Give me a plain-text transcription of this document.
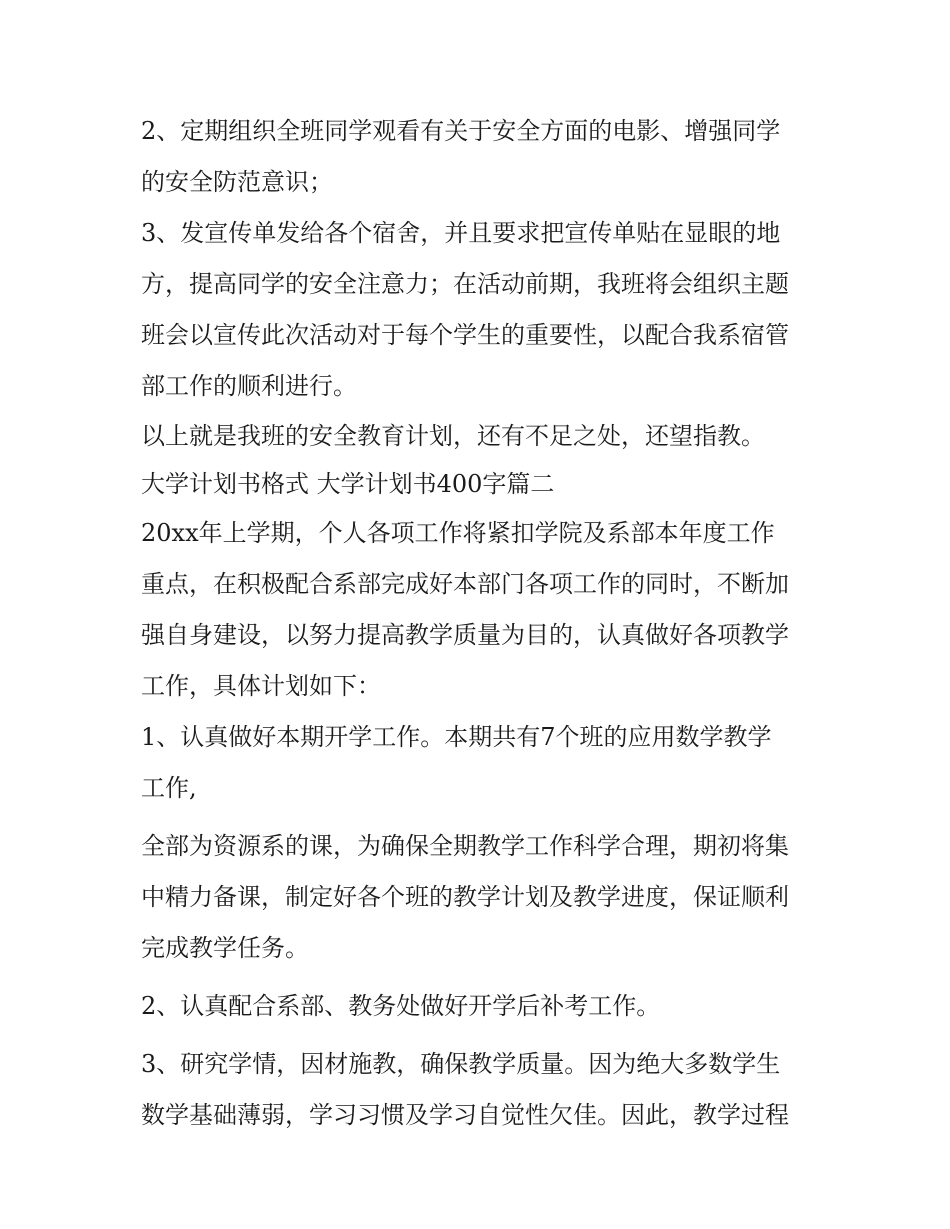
2、定期组织全班同学观看有关于安全方面的电影、增强同学
的安全防范意识；
3、发宣传单发给各个宿舍，并且要求把宣传单贴在显眼的地
方，提高同学的安全注意力；在活动前期，我班将会组织主题
班会以宣传此次活动对于每个学生的重要性，以配合我系宿管
部工作的顺利进行。
以上就是我班的安全教育计划，还有不足之处，还望指教。
大学计划书格式 大学计划书400字篇二
20xx年上学期，个人各项工作将紧扣学院及系部本年度工作
重点，在积极配合系部完成好本部门各项工作的同时，不断加
强自身建设，以努力提高教学质量为目的，认真做好各项教学
工作，具体计划如下：
1、认真做好本期开学工作。本期共有7个班的应用数学教学
工作,
全部为资源系的课，为确保全期教学工作科学合理，期初将集
中精力备课，制定好各个班的教学计划及教学进度，保证顺利
完成教学任务。
2、认真配合系部、教务处做好开学后补考工作。
3、研究学情，因材施教，确保教学质量。因为绝大多数学生
数学基础薄弱，学习习惯及学习自觉性欠佳。因此，教学过程
